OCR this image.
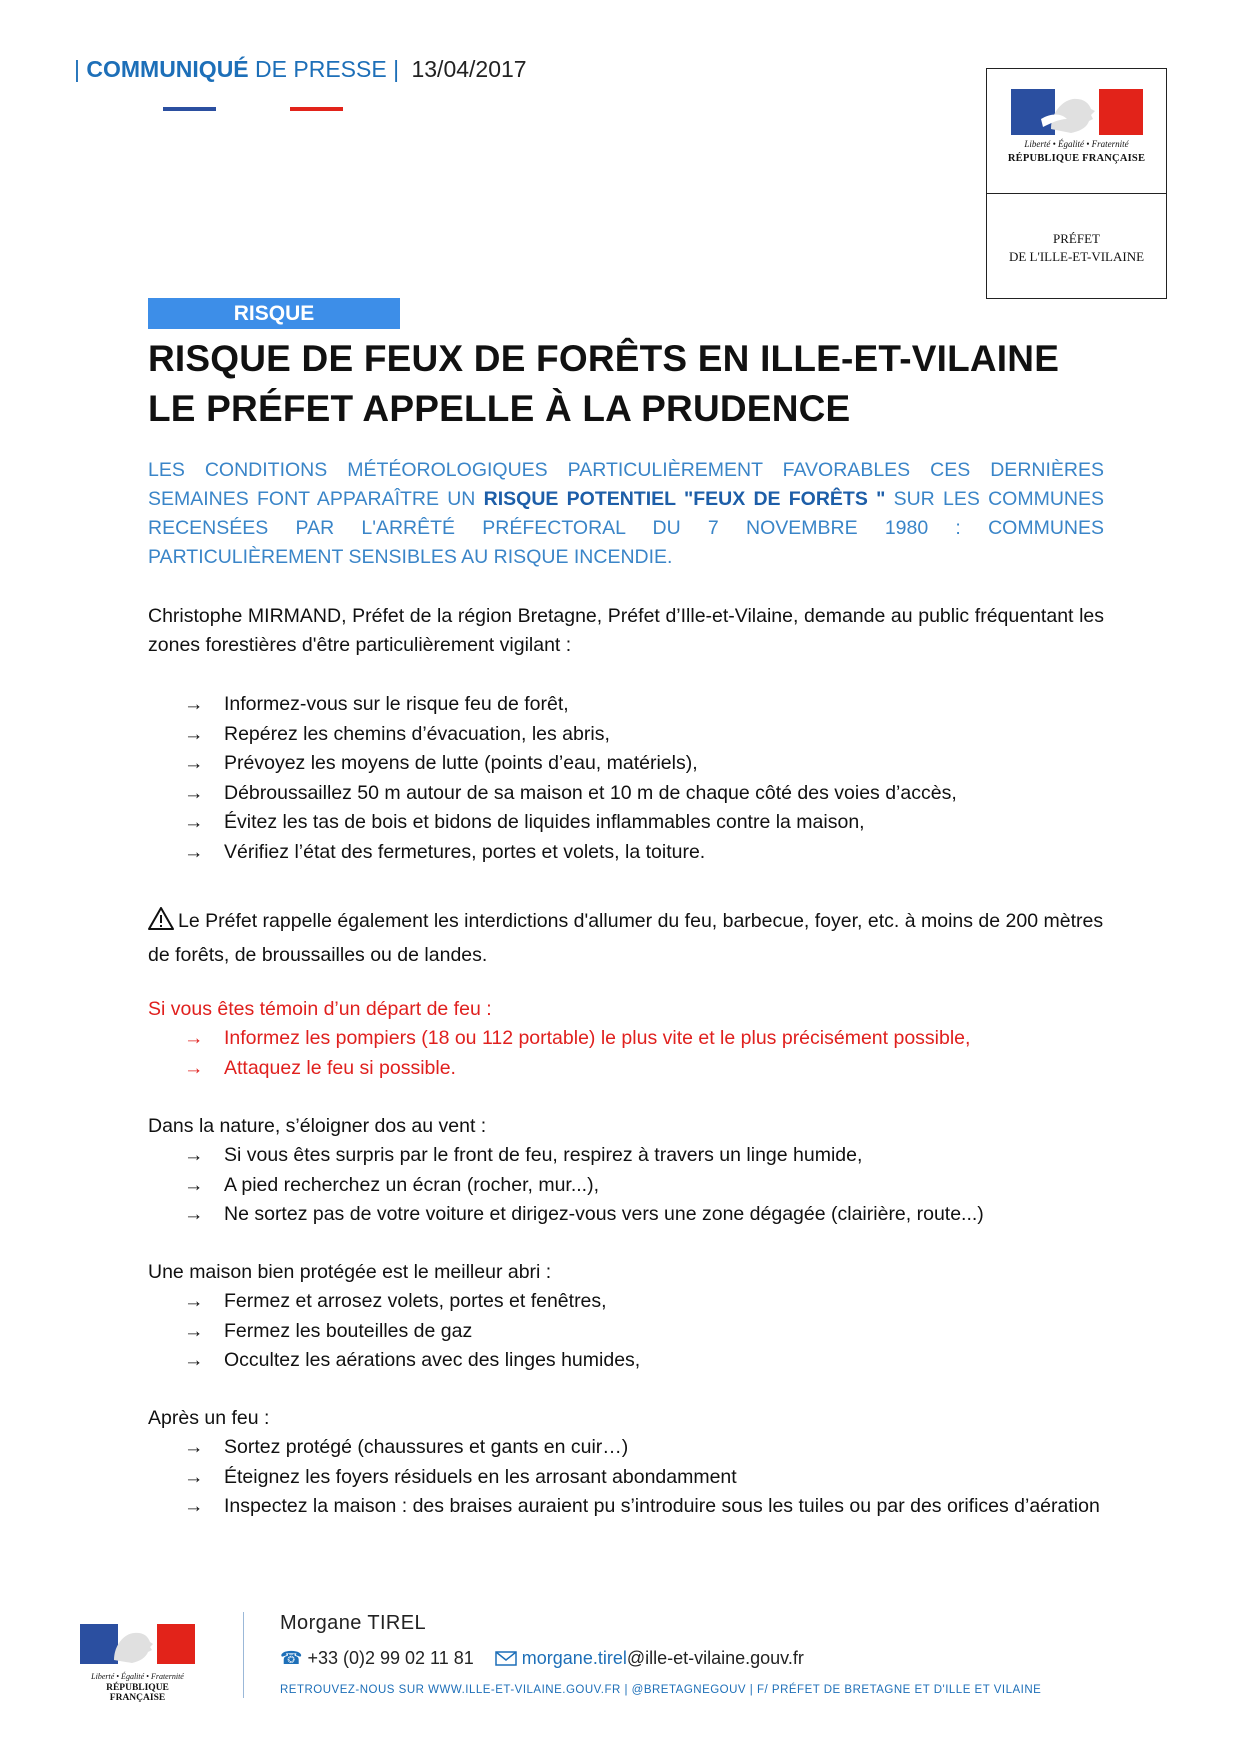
| COMMUNIQUÉ DE PRESSE | 13/04/2017
Liberté • Égalité • Fraternité
RÉPUBLIQUE FRANÇAISE
PRÉFET
DE L'ILLE-ET-VILAINE
RISQUE
RISQUE DE FEUX DE FORÊTS EN ILLE-ET-VILAINE
LE PRÉFET APPELLE À LA PRUDENCE
LES CONDITIONS MÉTÉOROLOGIQUES PARTICULIÈREMENT FAVORABLES CES DERNIÈRES SEMAINES FONT APPARAÎTRE UN RISQUE POTENTIEL "FEUX DE FORÊTS " SUR LES COMMUNES RECENSÉES PAR L'ARRÊTÉ PRÉFECTORAL DU 7 NOVEMBRE 1980 : COMMUNES PARTICULIÈREMENT SENSIBLES AU RISQUE INCENDIE.
Christophe MIRMAND, Préfet de la région Bretagne, Préfet d’Ille-et-Vilaine, demande au public fréquentant les zones forestières d'être particulièrement vigilant :
→ Informez-vous sur le risque feu de forêt,
→ Repérez les chemins d’évacuation, les abris,
→ Prévoyez les moyens de lutte (points d’eau, matériels),
→ Débroussaillez 50 m autour de sa maison et 10 m de chaque côté des voies d’accès,
→ Évitez les tas de bois et bidons de liquides inflammables contre la maison,
→ Vérifiez l’état des fermetures, portes et volets, la toiture.
Le Préfet rappelle également les interdictions d'allumer du feu, barbecue, foyer, etc. à moins de 200 mètres de forêts, de broussailles ou de landes.
Si vous êtes témoin d’un départ de feu :
→ Informez les pompiers (18 ou 112 portable) le plus vite et le plus précisément possible,
→ Attaquez le feu si possible.
Dans la nature, s’éloigner dos au vent :
→ Si vous êtes surpris par le front de feu, respirez à travers un linge humide,
→ A pied recherchez un écran (rocher, mur...),
→ Ne sortez pas de votre voiture et dirigez-vous vers une zone dégagée (clairière, route...)
Une maison bien protégée est le meilleur abri :
→ Fermez et arrosez volets, portes et fenêtres,
→ Fermez les bouteilles de gaz
→ Occultez les aérations avec des linges humides,
Après un feu :
→ Sortez protégé (chaussures et gants en cuir…)
→ Éteignez les foyers résiduels en les arrosant abondamment
→ Inspectez la maison : des braises auraient pu s’introduire sous les tuiles ou par des orifices d’aération
Liberté • Égalité • Fraternité
RÉPUBLIQUE FRANÇAISE
Morgane TIREL
☎ +33 (0)2 99 02 11 81	morgane.tirel@ille-et-vilaine.gouv.fr
RETROUVEZ-NOUS SUR WWW.ILLE-ET-VILAINE.GOUV.FR | @BRETAGNEGOUV | F/ PRÉFET DE BRETAGNE ET D'ILLE ET VILAINE
